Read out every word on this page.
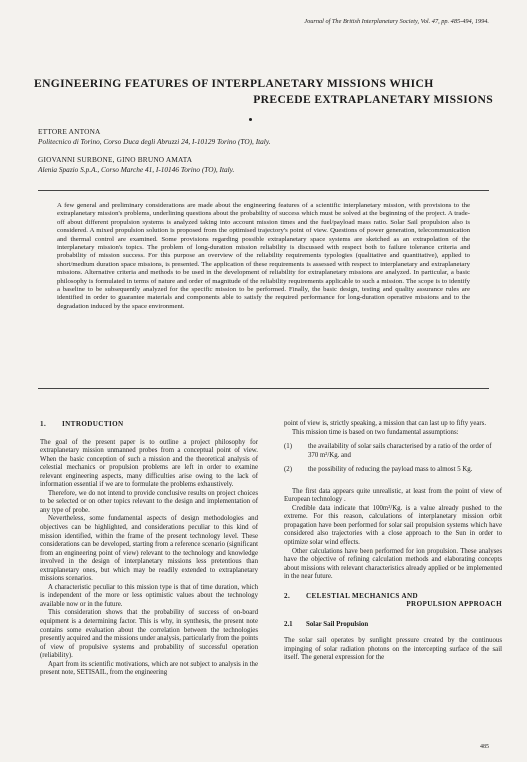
Journal of The British Interplanetary Society, Vol. 47, pp. 485-494, 1994.
ENGINEERING FEATURES OF INTERPLANETARY MISSIONS WHICH
PRECEDE EXTRAPLANETARY MISSIONS
ETTORE ANTONA
Politecnico di Torino, Corso Duca degli Abruzzi 24, I-10129 Torino (TO), Italy.
GIOVANNI SURBONE, GINO BRUNO AMATA
Alenia Spazio S.p.A., Corso Marche 41, I-10146 Torino (TO), Italy.
A few general and preliminary considerations are made about the engineering features of a scientific interplanetary mission, with provisions to the extraplanetary mission's problems, underlining questions about the probability of success which must be solved at the beginning of the project. A trade-off about different propulsion systems is analyzed taking into account mission times and the fuel/payload mass ratio. Solar Sail propulsion also is considered. A mixed propulsion solution is proposed from the optimised trajectory's point of view. Questions of power generation, telecommunication and thermal control are examined. Some provisions regarding possible extraplanetary space systems are sketched as an extrapolation of the interplanetary mission's topics. The problem of long-duration mission reliability is discussed with respect both to failure tolerance criteria and probability of mission success. For this purpose an overview of the reliability requirements typologies (qualitative and quantitative), applied to short/medium duration space missions, is presented. The application of these requirements is assessed with respect to interplanetary and extraplanetary missions. Alternative criteria and methods to be used in the development of reliability for extraplanetary missions are analyzed. In particular, a basic philosophy is formulated in terms of nature and order of magnitude of the reliability requirements applicable to such a mission. The scope is to identify a baseline to be subsequently analyzed for the specific mission to be performed. Finally, the basic design, testing and quality assurance rules are identified in order to guarantee materials and components able to satisfy the required performance for long-duration operative missions and to the degradation induced by the space environment.
1.	INTRODUCTION

The goal of the present paper is to outline a project philosophy for extraplanetary mission unmanned probes from a conceptual point of view. When the basic conception of such a mission and the theoretical analysis of celestial mechanics or propulsion problems are left in order to examine relevant engineering aspects, many difficulties arise owing to the lack of information essential if we are to formulate the problems exhaustively.

Therefore, we do not intend to provide conclusive results on project choices to be selected or on other topics relevant to the design and implementation of any type of probe.

Nevertheless, some fundamental aspects of design methodologies and objectives can be highlighted, and considerations peculiar to this kind of mission identified, within the frame of the present technology level. These considerations can be developed, starting from a reference scenario (significant from an engineering point of view) relevant to the technology and knowledge involved in the design of interplanetary missions less pretentious than extraplanetary ones, but which may be readily extended to extraplanetary missions scenarios.

A characteristic peculiar to this mission type is that of time duration, which is independent of the more or less optimistic values about the technology available now or in the future.

This consideration shows that the probability of success of on-board equipment is a determining factor. This is why, in synthesis, the present note contains some evaluation about the correlation between the technologies presently acquired and the missions under analysis, particularly from the points of view of propulsive systems and probability of successful operation (reliability).

Apart from its scientific motivations, which are not subject to analysis in the present note, SETISAIL, from the engineering

point of view is, strictly speaking, a mission that can last up to fifty years.

This mission time is based on two fundamental assumptions:

(1)	the availability of solar sails characterised by a ratio of the order of 370 m²/Kg. and
(2)	the possibility of reducing the payload mass to almost 5 Kg.

The first data appears quite unrealistic, at least from the point of view of European technology .

Credible data indicate that 100m²/Kg. is a value already pushed to the extreme. For this reason, calculations of interplanetary mission orbit propagation have been performed for solar sail propulsion systems which have considered also trajectories with a close approach to the Sun in order to optimize solar wind effects.

Other calculations have been performed for ion propulsion. These analyses have the objective of refining calculation methods and elaborating concepts about missions with relevant characteristics already applied or be implemented in the near future.

2.	CELESTIAL MECHANICS AND
PROPULSION APPROACH
2.1	Solar Sail Propulsion

The solar sail operates by sunlight pressure created by the continuous impinging of solar radiation photons on the intercepting surface of the sail itself. The general expression for the

485
